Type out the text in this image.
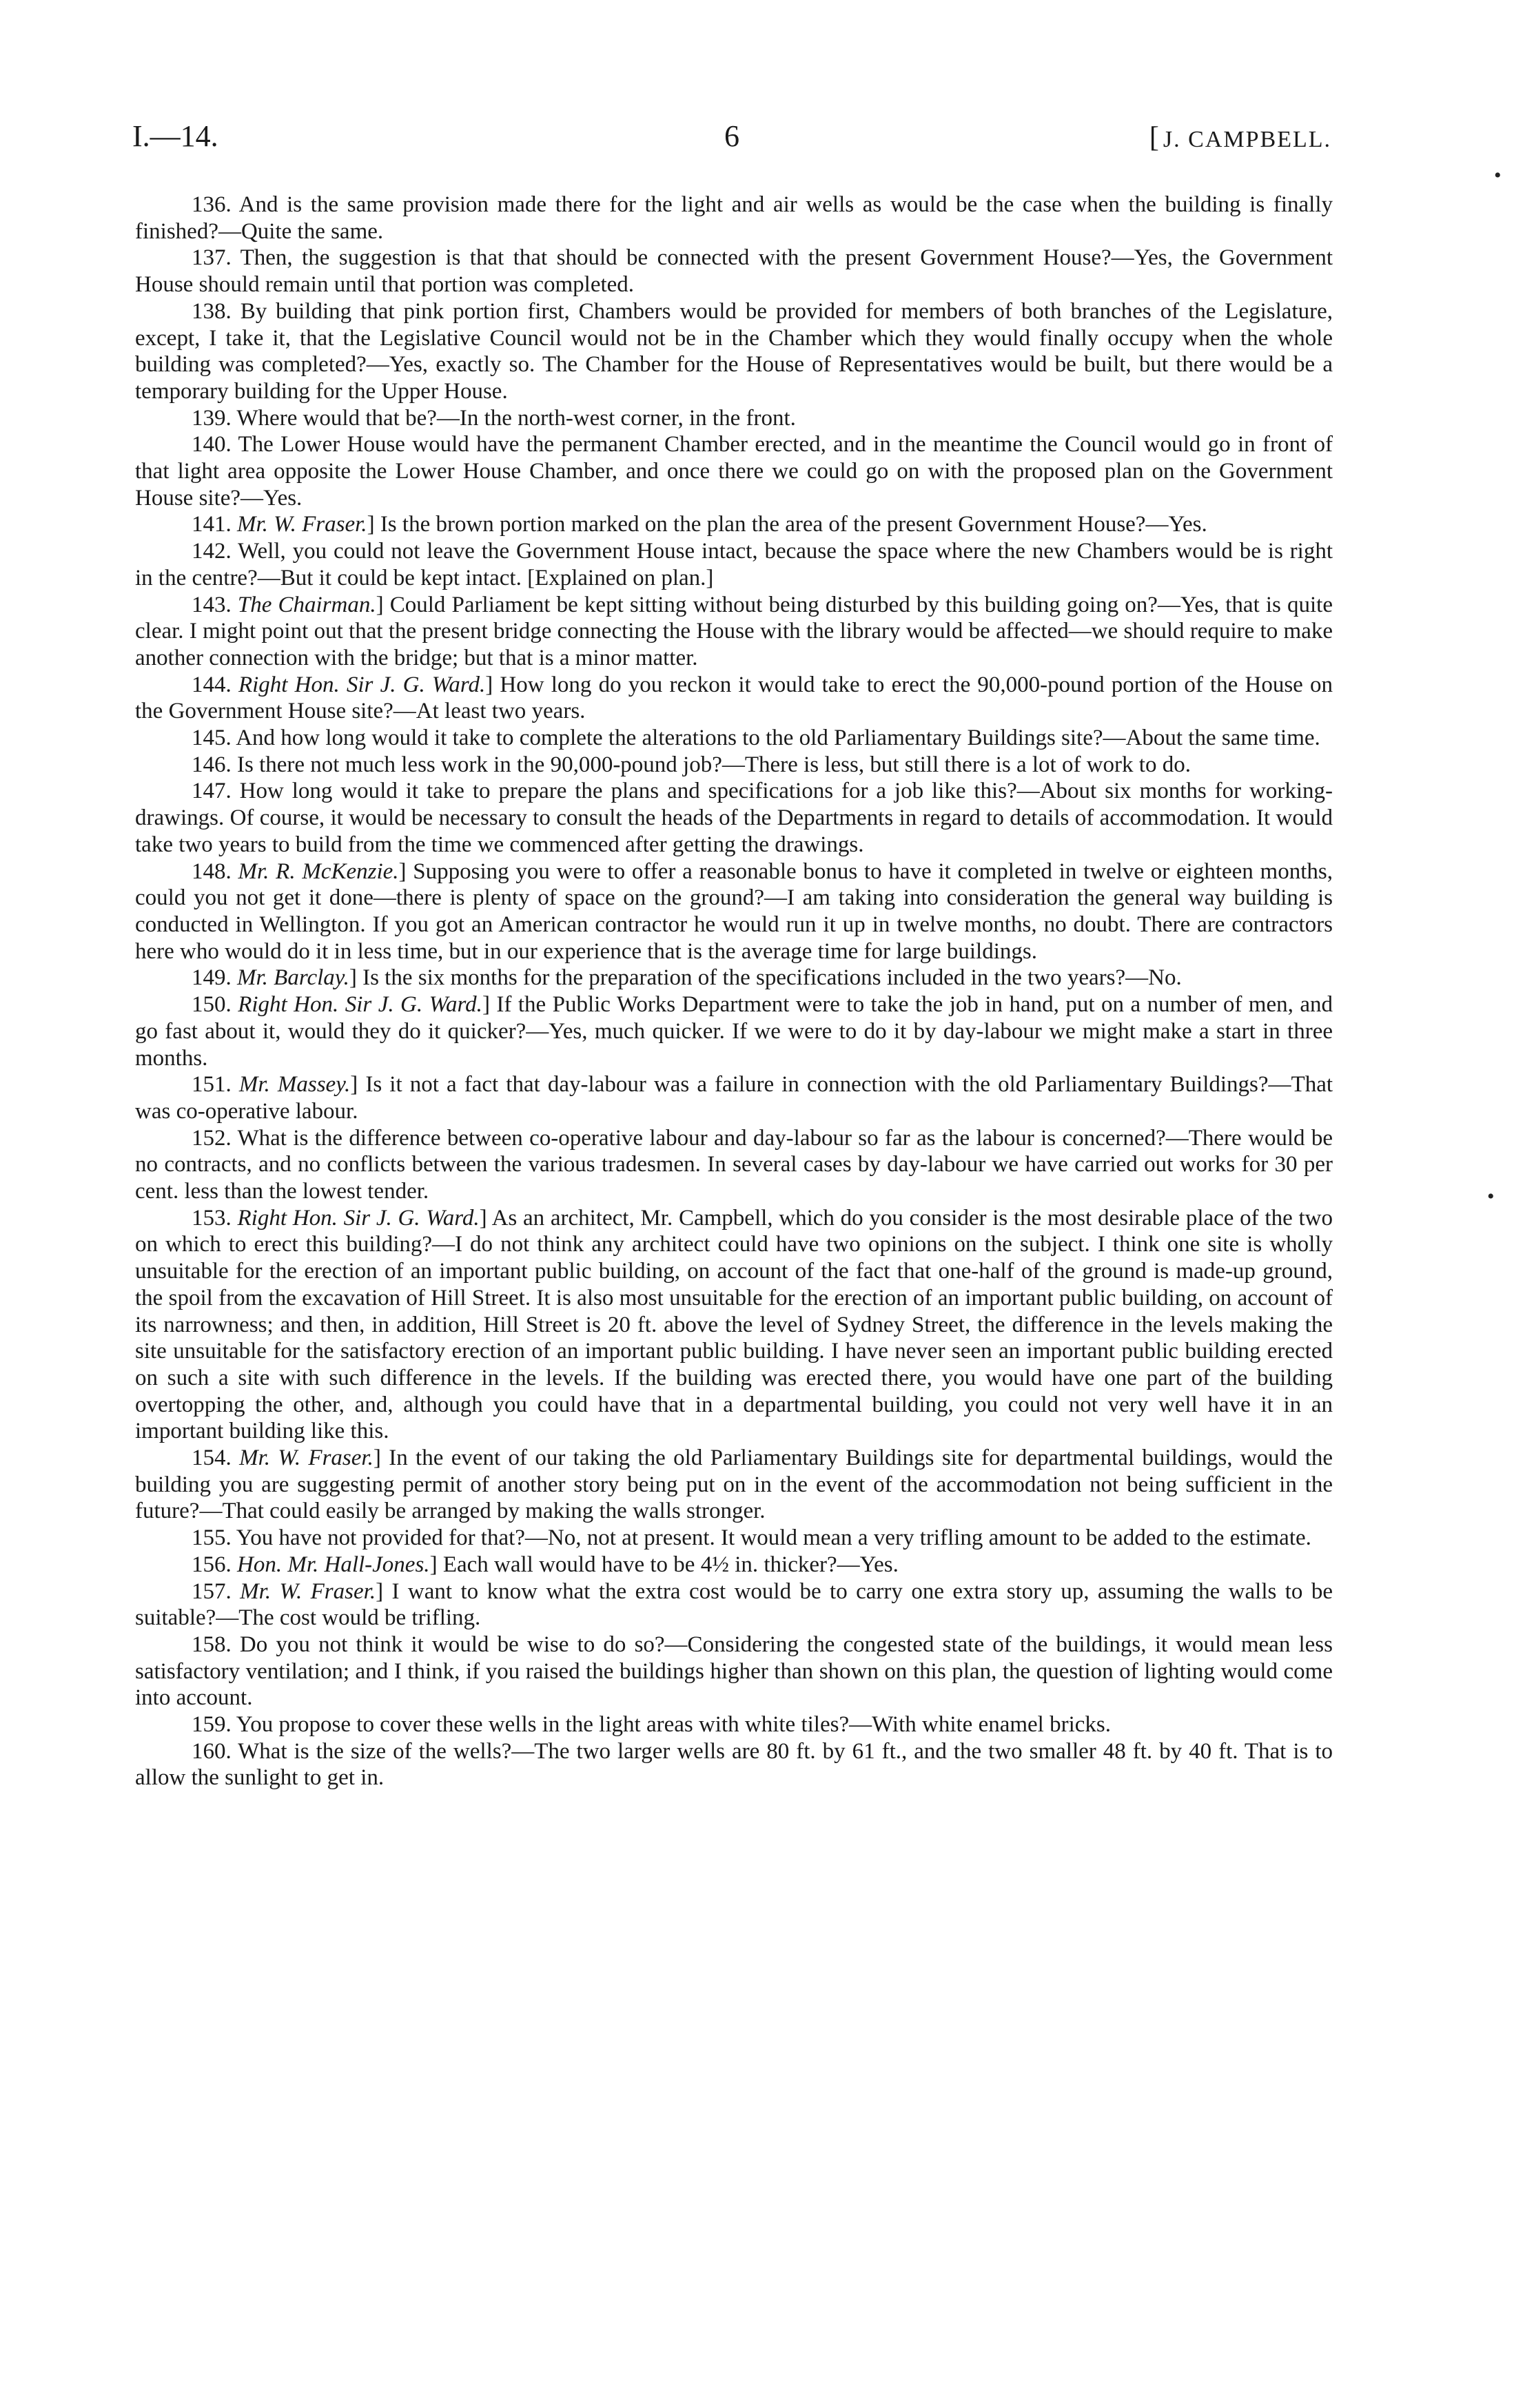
I.—14.	6
[	J. CAMPBELL.

136. And is the same provision made there for the light and air wells as would be the case when the building is finally finished?—Quite the same.

137. Then, the suggestion is that that should be connected with the present Government House?—Yes, the Government House should remain until that portion was completed.

138. By building that pink portion first, Chambers would be provided for members of both branches of the Legislature, except, I take it, that the Legislative Council would not be in the Chamber which they would finally occupy when the whole building was completed?—Yes, exactly so. The Chamber for the House of Representatives would be built, but there would be a temporary building for the Upper House.

139. Where would that be?—In the north-west corner, in the front.

140. The Lower House would have the permanent Chamber erected, and in the meantime the Council would go in front of that light area opposite the Lower House Chamber, and once there we could go on with the proposed plan on the Government House site?—Yes.

141. Mr. W. Fraser.] Is the brown portion marked on the plan the area of the present Government House?—Yes.

142. Well, you could not leave the Government House intact, because the space where the new Chambers would be is right in the centre?—But it could be kept intact. [Explained on plan.]

143. The Chairman.] Could Parliament be kept sitting without being disturbed by this building going on?—Yes, that is quite clear. I might point out that the present bridge connecting the House with the library would be affected—we should require to make another connection with the bridge; but that is a minor matter.

144. Right Hon. Sir J. G. Ward.] How long do you reckon it would take to erect the 90,000-pound portion of the House on the Government House site?—At least two years.

145. And how long would it take to complete the alterations to the old Parliamentary Buildings site?—About the same time.

146. Is there not much less work in the 90,000-pound job?—There is less, but still there is a lot of work to do.

147. How long would it take to prepare the plans and specifications for a job like this?—About six months for working-drawings. Of course, it would be necessary to consult the heads of the Departments in regard to details of accommodation. It would take two years to build from the time we commenced after getting the drawings.

148. Mr. R. McKenzie.] Supposing you were to offer a reasonable bonus to have it completed in twelve or eighteen months, could you not get it done—there is plenty of space on the ground?—I am taking into consideration the general way building is conducted in Wellington. If you got an American contractor he would run it up in twelve months, no doubt. There are contractors here who would do it in less time, but in our experience that is the average time for large buildings.

149. Mr. Barclay.] Is the six months for the preparation of the specifications included in the two years?—No.

150. Right Hon. Sir J. G. Ward.] If the Public Works Department were to take the job in hand, put on a number of men, and go fast about it, would they do it quicker?—Yes, much quicker. If we were to do it by day-labour we might make a start in three months.

151. Mr. Massey.] Is it not a fact that day-labour was a failure in connection with the old Parliamentary Buildings?—That was co-operative labour.

152. What is the difference between co-operative labour and day-labour so far as the labour is concerned?—There would be no contracts, and no conflicts between the various tradesmen. In several cases by day-labour we have carried out works for 30 per cent. less than the lowest tender.

153. Right Hon. Sir J. G. Ward.] As an architect, Mr. Campbell, which do you consider is the most desirable place of the two on which to erect this building?—I do not think any architect could have two opinions on the subject. I think one site is wholly unsuitable for the erection of an important public building, on account of the fact that one-half of the ground is made-up ground, the spoil from the excavation of Hill Street. It is also most unsuitable for the erection of an important public building, on account of its narrowness; and then, in addition, Hill Street is 20 ft. above the level of Sydney Street, the difference in the levels making the site unsuitable for the satisfactory erection of an important public building. I have never seen an important public building erected on such a site with such difference in the levels. If the building was erected there, you would have one part of the building overtopping the other, and, although you could have that in a departmental building, you could not very well have it in an important building like this.

154. Mr. W. Fraser.] In the event of our taking the old Parliamentary Buildings site for departmental buildings, would the building you are suggesting permit of another story being put on in the event of the accommodation not being sufficient in the future?—That could easily be arranged by making the walls stronger.

155. You have not provided for that?—No, not at present. It would mean a very trifling amount to be added to the estimate.

156. Hon. Mr. Hall-Jones.] Each wall would have to be 4½ in. thicker?—Yes.

157. Mr. W. Fraser.] I want to know what the extra cost would be to carry one extra story up, assuming the walls to be suitable?—The cost would be trifling.

158. Do you not think it would be wise to do so?—Considering the congested state of the buildings, it would mean less satisfactory ventilation; and I think, if you raised the buildings higher than shown on this plan, the question of lighting would come into account.

159. You propose to cover these wells in the light areas with white tiles?—With white enamel bricks.

160. What is the size of the wells?—The two larger wells are 80 ft. by 61 ft., and the two smaller 48 ft. by 40 ft. That is to allow the sunlight to get in.

•
•
